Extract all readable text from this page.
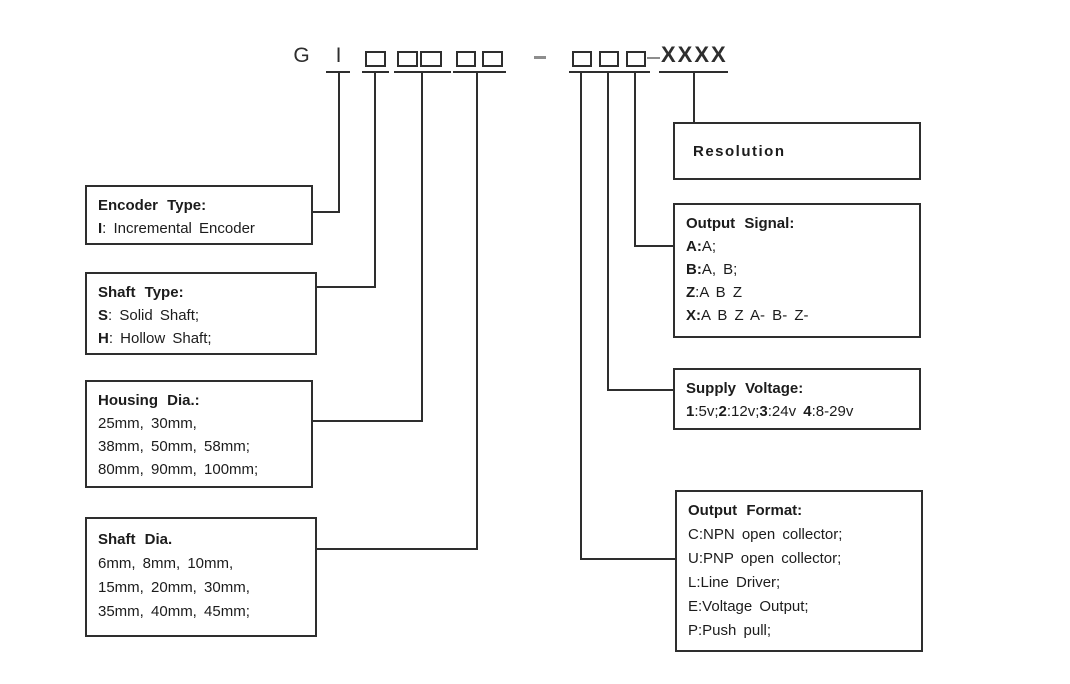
G	I	XXXX
Encoder Type:
I: Incremental Encoder
Shaft Type:
S: Solid Shaft;
H: Hollow Shaft;
Housing Dia.:
25mm, 30mm,
38mm, 50mm, 58mm;
80mm, 90mm, 100mm;
Shaft Dia.
6mm, 8mm, 10mm,
15mm, 20mm, 30mm,
35mm, 40mm, 45mm;
Resolution
Output Signal:
A:A;
B:A, B;
Z:A B Z
X:A B Z A- B- Z-
Supply Voltage:
1:5v;2:12v;3:24v 4:8-29v
Output Format:
C:NPN open collector;
U:PNP open collector;
L:Line Driver;
E:Voltage Output;
P:Push pull;
